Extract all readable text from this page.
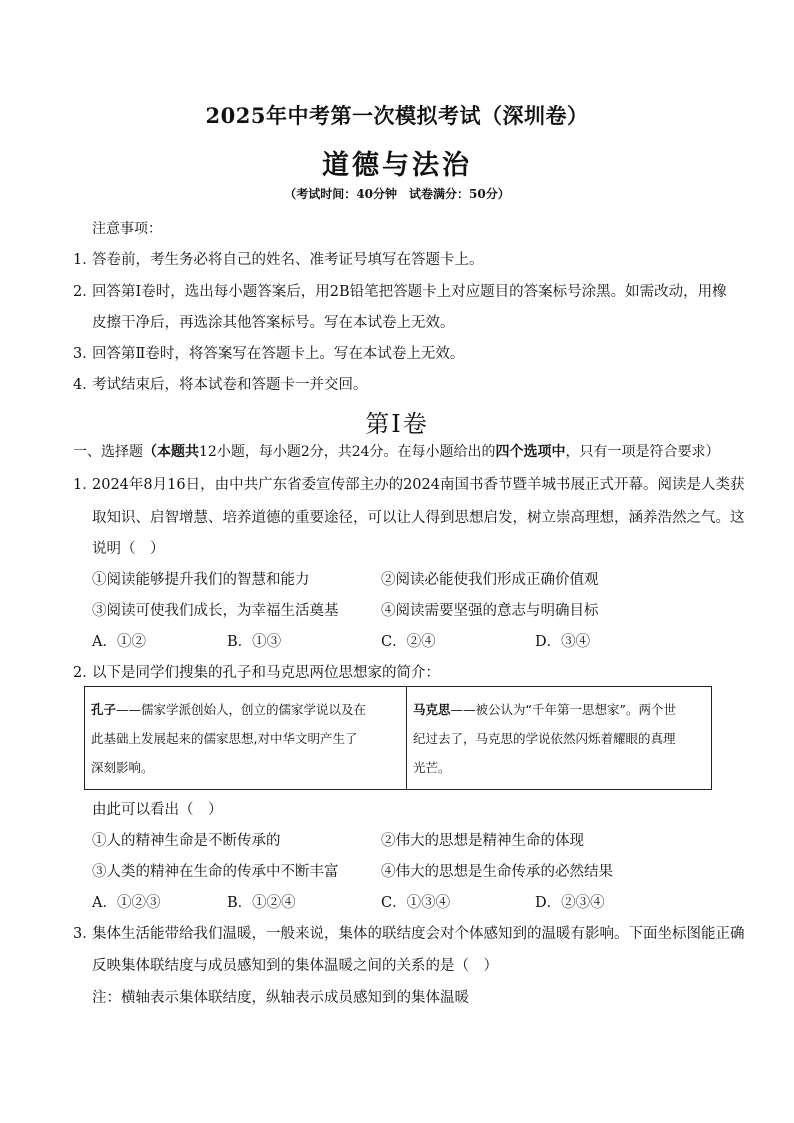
2025年中考第一次模拟考试（深圳卷）
道德与法治
（考试时间：40分钟　试卷满分：50分）
注意事项：
1．答卷前，考生务必将自己的姓名、准考证号填写在答题卡上。
2．回答第Ⅰ卷时，选出每小题答案后，用2B铅笔把答题卡上对应题目的答案标号涂黑。如需改动，用橡
皮擦干净后，再选涂其他答案标号。写在本试卷上无效。
3．回答第Ⅱ卷时，将答案写在答题卡上。写在本试卷上无效。
4．考试结束后，将本试卷和答题卡一并交回。
第Ⅰ卷
一、选择题（本题共12小题，每小题2分，共24分。在每小题给出的四个选项中，只有一项是符合要求）
1．2024年8月16日，由中共广东省委宣传部主办的2024南国书香节暨羊城书展正式开幕。阅读是人类获
取知识、启智增慧、培养道德的重要途径，可以让人得到思想启发，树立崇高理想，涵养浩然之气。这
说明（　）
①阅读能够提升我们的智慧和能力	②阅读必能使我们形成正确价值观
③阅读可使我们成长，为幸福生活奠基	④阅读需要坚强的意志与明确目标
A．①②	B．①③	C．②④	D．③④
2．以下是同学们搜集的孔子和马克思两位思想家的简介：
孔子——儒家学派创始人，创立的儒家学说以及在
此基础上发展起来的儒家思想,对中华文明产生了
深刻影响。
马克思——被公认为“千年第一思想家”。两个世
纪过去了，马克思的学说依然闪烁着耀眼的真理
光芒。
由此可以看出（　）
①人的精神生命是不断传承的	②伟大的思想是精神生命的体现
③人类的精神在生命的传承中不断丰富	④伟大的思想是生命传承的必然结果
A．①②③	B．①②④	C．①③④	D．②③④
3．集体生活能带给我们温暖，一般来说，集体的联结度会对个体感知到的温暖有影响。下面坐标图能正确
反映集体联结度与成员感知到的集体温暖之间的关系的是（　）
注：横轴表示集体联结度，纵轴表示成员感知到的集体温暖
